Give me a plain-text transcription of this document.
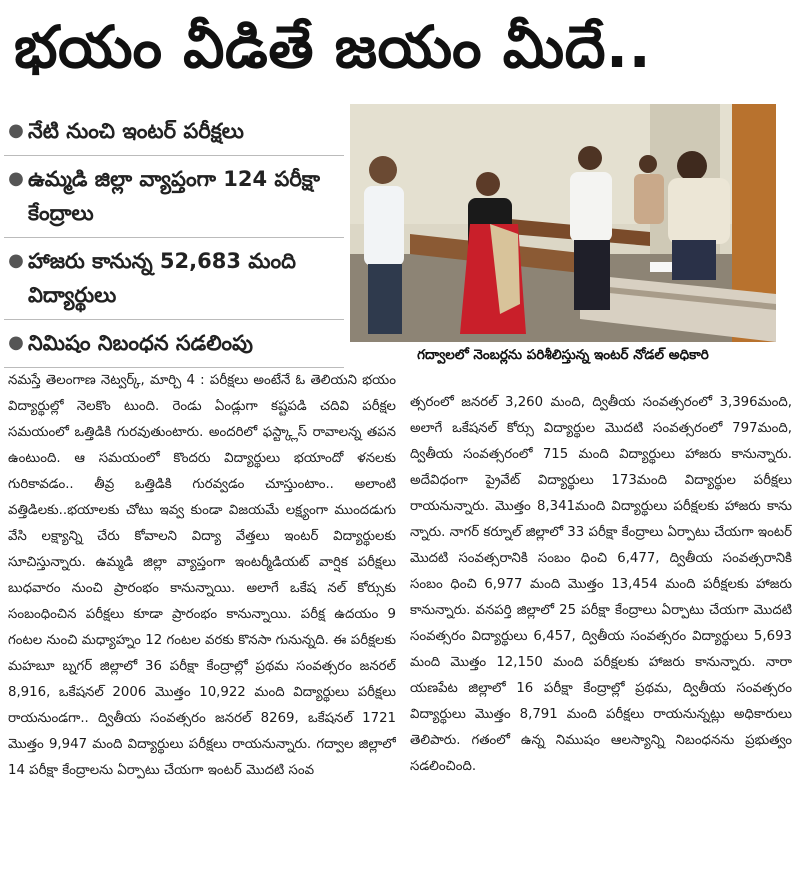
భయం వీడితే జయం మీదే..
● నేటి నుంచి ఇంటర్ పరీక్షలు
● ఉమ్మడి జిల్లా వ్యాప్తంగా 124 పరీక్షా కేంద్రాలు
● హాజరు కానున్న 52,683 మంది విద్యార్థులు
● నిమిషం నిబంధన సడలింపు	గద్వాలలో నెంబర్లను పరిశీలిస్తున్న ఇంటర్ నోడల్ అధికారి

నమస్తే తెలంగాణ నెట్వర్క్, మార్చి 4 : పరీక్షలు అంటేనే ఓ తెలియని భయం విద్యార్థుల్లో నెలకొం టుంది. రెండు ఏండ్లుగా కష్టపడి చదివి పరీక్షల సమయంలో ఒత్తిడికి గురవుతుంటారు. అందరిలో ఫస్ట్క్లాస్ రావాలన్న తపన ఉంటుంది. ఆ సమయంలో కొందరు విద్యార్థులు భయాందో ళనలకు గురికావడం.. తీవ్ర ఒత్తిడికి గురవ్వడం చూస్తుంటాం.. అలాంటి వత్తిడిలకు..భయాలకు చోటు ఇవ్వ కుండా విజయమే లక్ష్యంగా ముందడుగు వేసి లక్ష్యాన్ని చేరు కోవాలని విద్యా వేత్తలు ఇంటర్ విద్యార్థులకు సూచిస్తున్నారు. ఉమ్మడి జిల్లా వ్యాప్తంగా ఇంటర్మీడియట్ వార్షిక పరీక్షలు బుధవారం నుంచి ప్రారంభం కానున్నాయి. అలాగే ఒకేష నల్ కోర్సుకు సంబంధించిన పరీక్షలు కూడా ప్రారంభం కానున్నాయి. పరీక్ష ఉదయం 9 గంటల నుంచి మధ్యాహ్నం 12 గంటల వరకు కొనసా గునున్నది. ఈ పరీక్షలకు మహబూ బ్నగర్ జిల్లాలో 36 పరీక్షా కేంద్రాల్లో ప్రథమ సంవత్సరం జనరల్ 8,916, ఒకేషనల్ 2006 మొత్తం 10,922 మంది విద్యార్థులు పరీక్షలు రాయనుండగా.. ద్వితీయ సంవత్సరం జనరల్ 8269, ఒకేషనల్ 1721 మొత్తం 9,947 మంది విద్యార్థులు పరీక్షలు రాయనున్నారు. గద్వాల జిల్లాలో 14 పరీక్షా కేంద్రాలను ఏర్పాటు చేయగా ఇంటర్ మొదటి సంవ

త్సరంలో జనరల్ 3,260 మంది, ద్వితీయ సంవత్సరంలో 3,396మంది, అలాగే ఒకేషనల్ కోర్సు విద్యార్థుల మొదటి సంవత్సరంలో 797మంది, ద్వితీయ సంవత్సరంలో 715 మంది విద్యార్థులు హాజరు కానున్నారు. అదేవిధంగా ప్రైవేట్ విద్యార్థులు 173మంది విద్యార్థుల పరీక్షలు రాయనున్నారు. మొత్తం 8,341మంది విద్యార్థులు పరీక్షలకు హాజరు కాను న్నారు. నాగర్ కర్నూల్ జిల్లాలో 33 పరీక్షా కేంద్రాలు ఏర్పాటు చేయగా ఇంటర్ మొదటి సంవత్సరానికి సంబం ధించి 6,477, ద్వితీయ సంవత్సరానికి సంబం ధించి 6,977 మంది మొత్తం 13,454 మంది పరీక్షలకు హాజరు కానున్నారు. వనపర్తి జిల్లాలో 25 పరీక్షా కేంద్రాలు ఏర్పాటు చేయగా మొదటి సంవత్సరం విద్యార్థులు 6,457, ద్వితీయ సంవత్సరం విద్యార్థులు 5,693 మంది మొత్తం 12,150 మంది పరీక్షలకు హాజరు కానున్నారు. నారా యణపేట జిల్లాలో 16 పరీక్షా కేంద్రాల్లో ప్రథమ, ద్వితీయ సంవత్సరం విద్యార్థులు మొత్తం 8,791 మంది పరీక్షలు రాయనున్నట్లు అధికారులు తెలిపారు. గతంలో ఉన్న నిముషం ఆలస్యాన్ని నిబంధనను ప్రభుత్వం సడలించింది.
